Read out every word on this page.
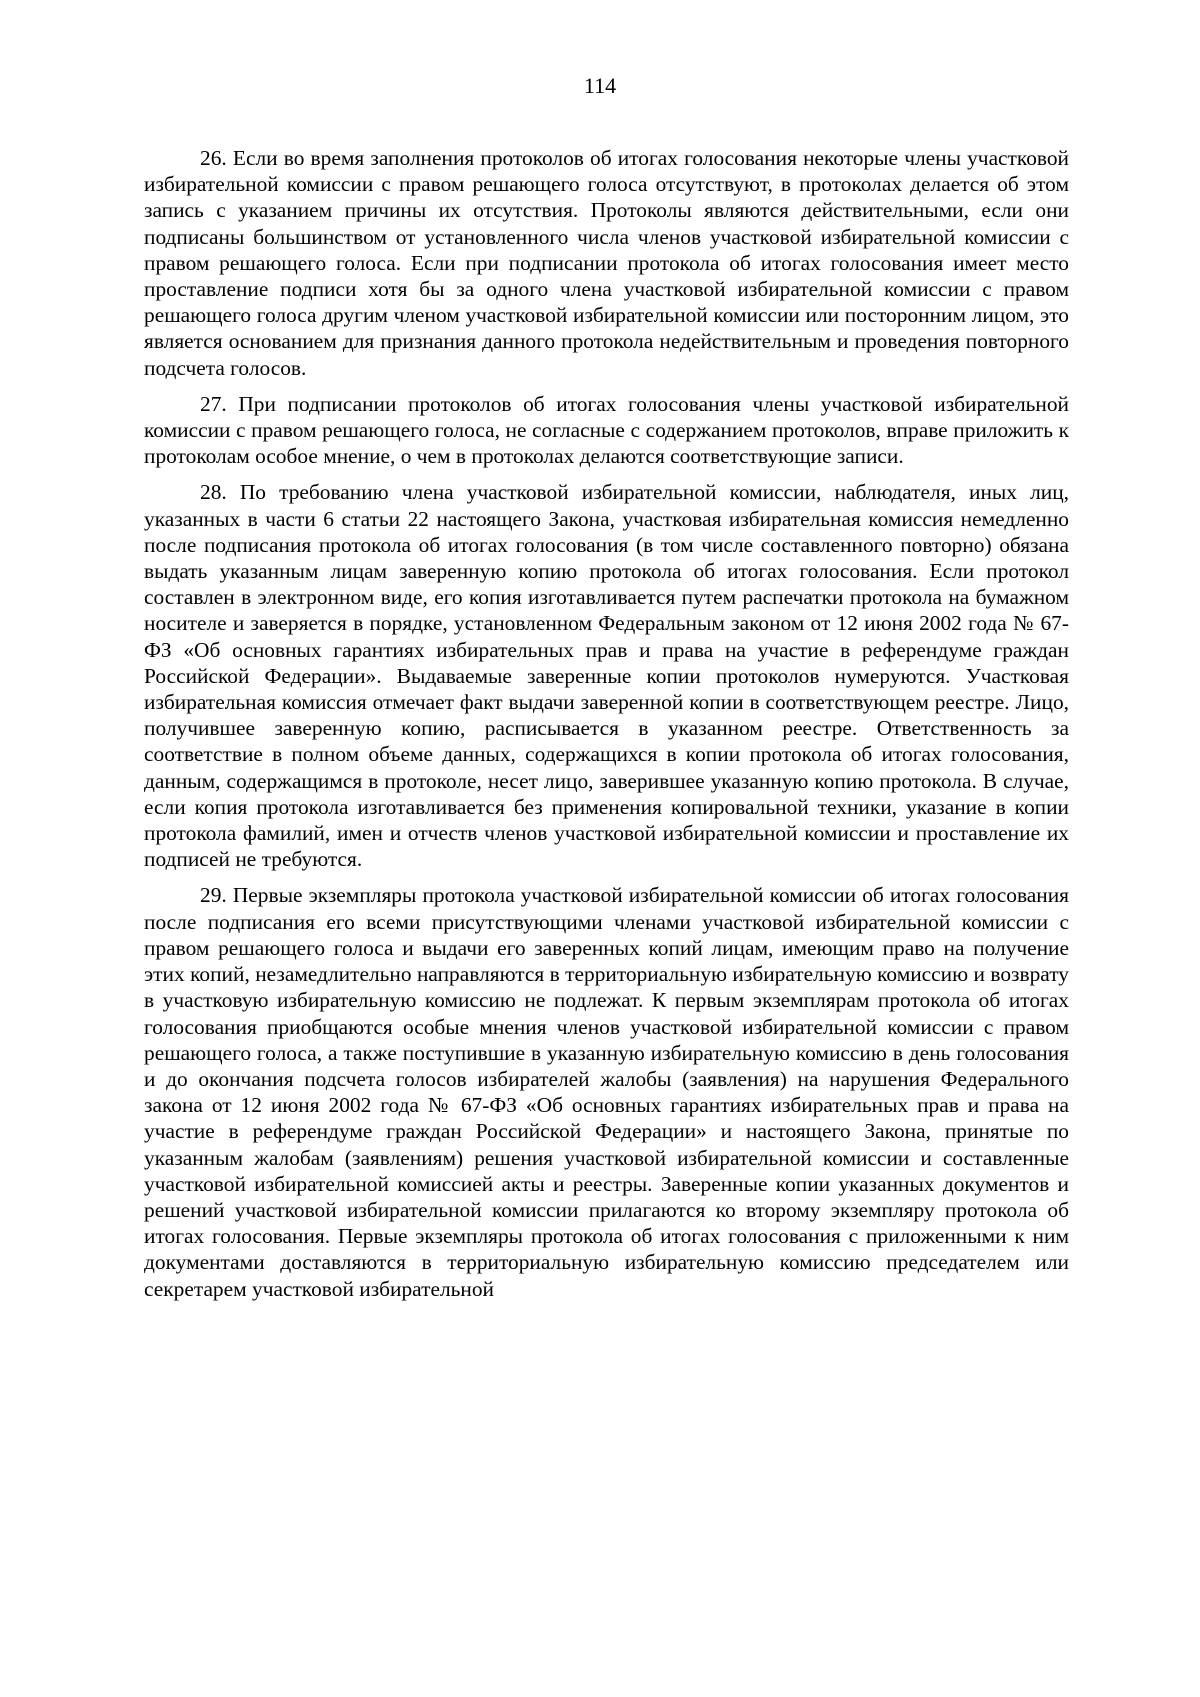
114

26. Если во время заполнения протоколов об итогах голосования некоторые члены участковой избирательной комиссии с правом решающего голоса отсутствуют, в протоколах делается об этом запись с указанием причины их отсутствия. Протоколы являются действительными, если они подписаны большинством от установленного числа членов участковой избирательной комиссии с правом решающего голоса. Если при подписании протокола об итогах голосования имеет место проставление подписи хотя бы за одного члена участковой избирательной комиссии с правом решающего голоса другим членом участковой избирательной комиссии или посторонним лицом, это является основанием для признания данного протокола недействительным и проведения повторного подсчета голосов.

27. При подписании протоколов об итогах голосования члены участковой избирательной комиссии с правом решающего голоса, не согласные с содержанием протоколов, вправе приложить к протоколам особое мнение, о чем в протоколах делаются соответствующие записи.

28. По требованию члена участковой избирательной комиссии, наблюдателя, иных лиц, указанных в части 6 статьи 22 настоящего Закона, участковая избирательная комиссия немедленно после подписания протокола об итогах голосования (в том числе составленного повторно) обязана выдать указанным лицам заверенную копию протокола об итогах голосования. Если протокол составлен в электронном виде, его копия изготавливается путем распечатки протокола на бумажном носителе и заверяется в порядке, установленном Федеральным законом от 12 июня 2002 года № 67-ФЗ «Об основных гарантиях избирательных прав и права на участие в референдуме граждан Российской Федерации». Выдаваемые заверенные копии протоколов нумеруются. Участковая избирательная комиссия отмечает факт выдачи заверенной копии в соответствующем реестре. Лицо, получившее заверенную копию, расписывается в указанном реестре. Ответственность за соответствие в полном объеме данных, содержащихся в копии протокола об итогах голосования, данным, содержащимся в протоколе, несет лицо, заверившее указанную копию протокола. В случае, если копия протокола изготавливается без применения копировальной техники, указание в копии протокола фамилий, имен и отчеств членов участковой избирательной комиссии и проставление их подписей не требуются.

29. Первые экземпляры протокола участковой избирательной комиссии об итогах голосования после подписания его всеми присутствующими членами участковой избирательной комиссии с правом решающего голоса и выдачи его заверенных копий лицам, имеющим право на получение этих копий, незамедлительно направляются в территориальную избирательную комиссию и возврату в участковую избирательную комиссию не подлежат. К первым экземплярам протокола об итогах голосования приобщаются особые мнения членов участковой избирательной комиссии с правом решающего голоса, а также поступившие в указанную избирательную комиссию в день голосования и до окончания подсчета голосов избирателей жалобы (заявления) на нарушения Федерального закона от 12 июня 2002 года № 67-ФЗ «Об основных гарантиях избирательных прав и права на участие в референдуме граждан Российской Федерации» и настоящего Закона, принятые по указанным жалобам (заявлениям) решения участковой избирательной комиссии и составленные участковой избирательной комиссией акты и реестры. Заверенные копии указанных документов и решений участковой избирательной комиссии прилагаются ко второму экземпляру протокола об итогах голосования. Первые экземпляры протокола об итогах голосования с приложенными к ним документами доставляются в территориальную избирательную комиссию председателем или секретарем участковой избирательной
